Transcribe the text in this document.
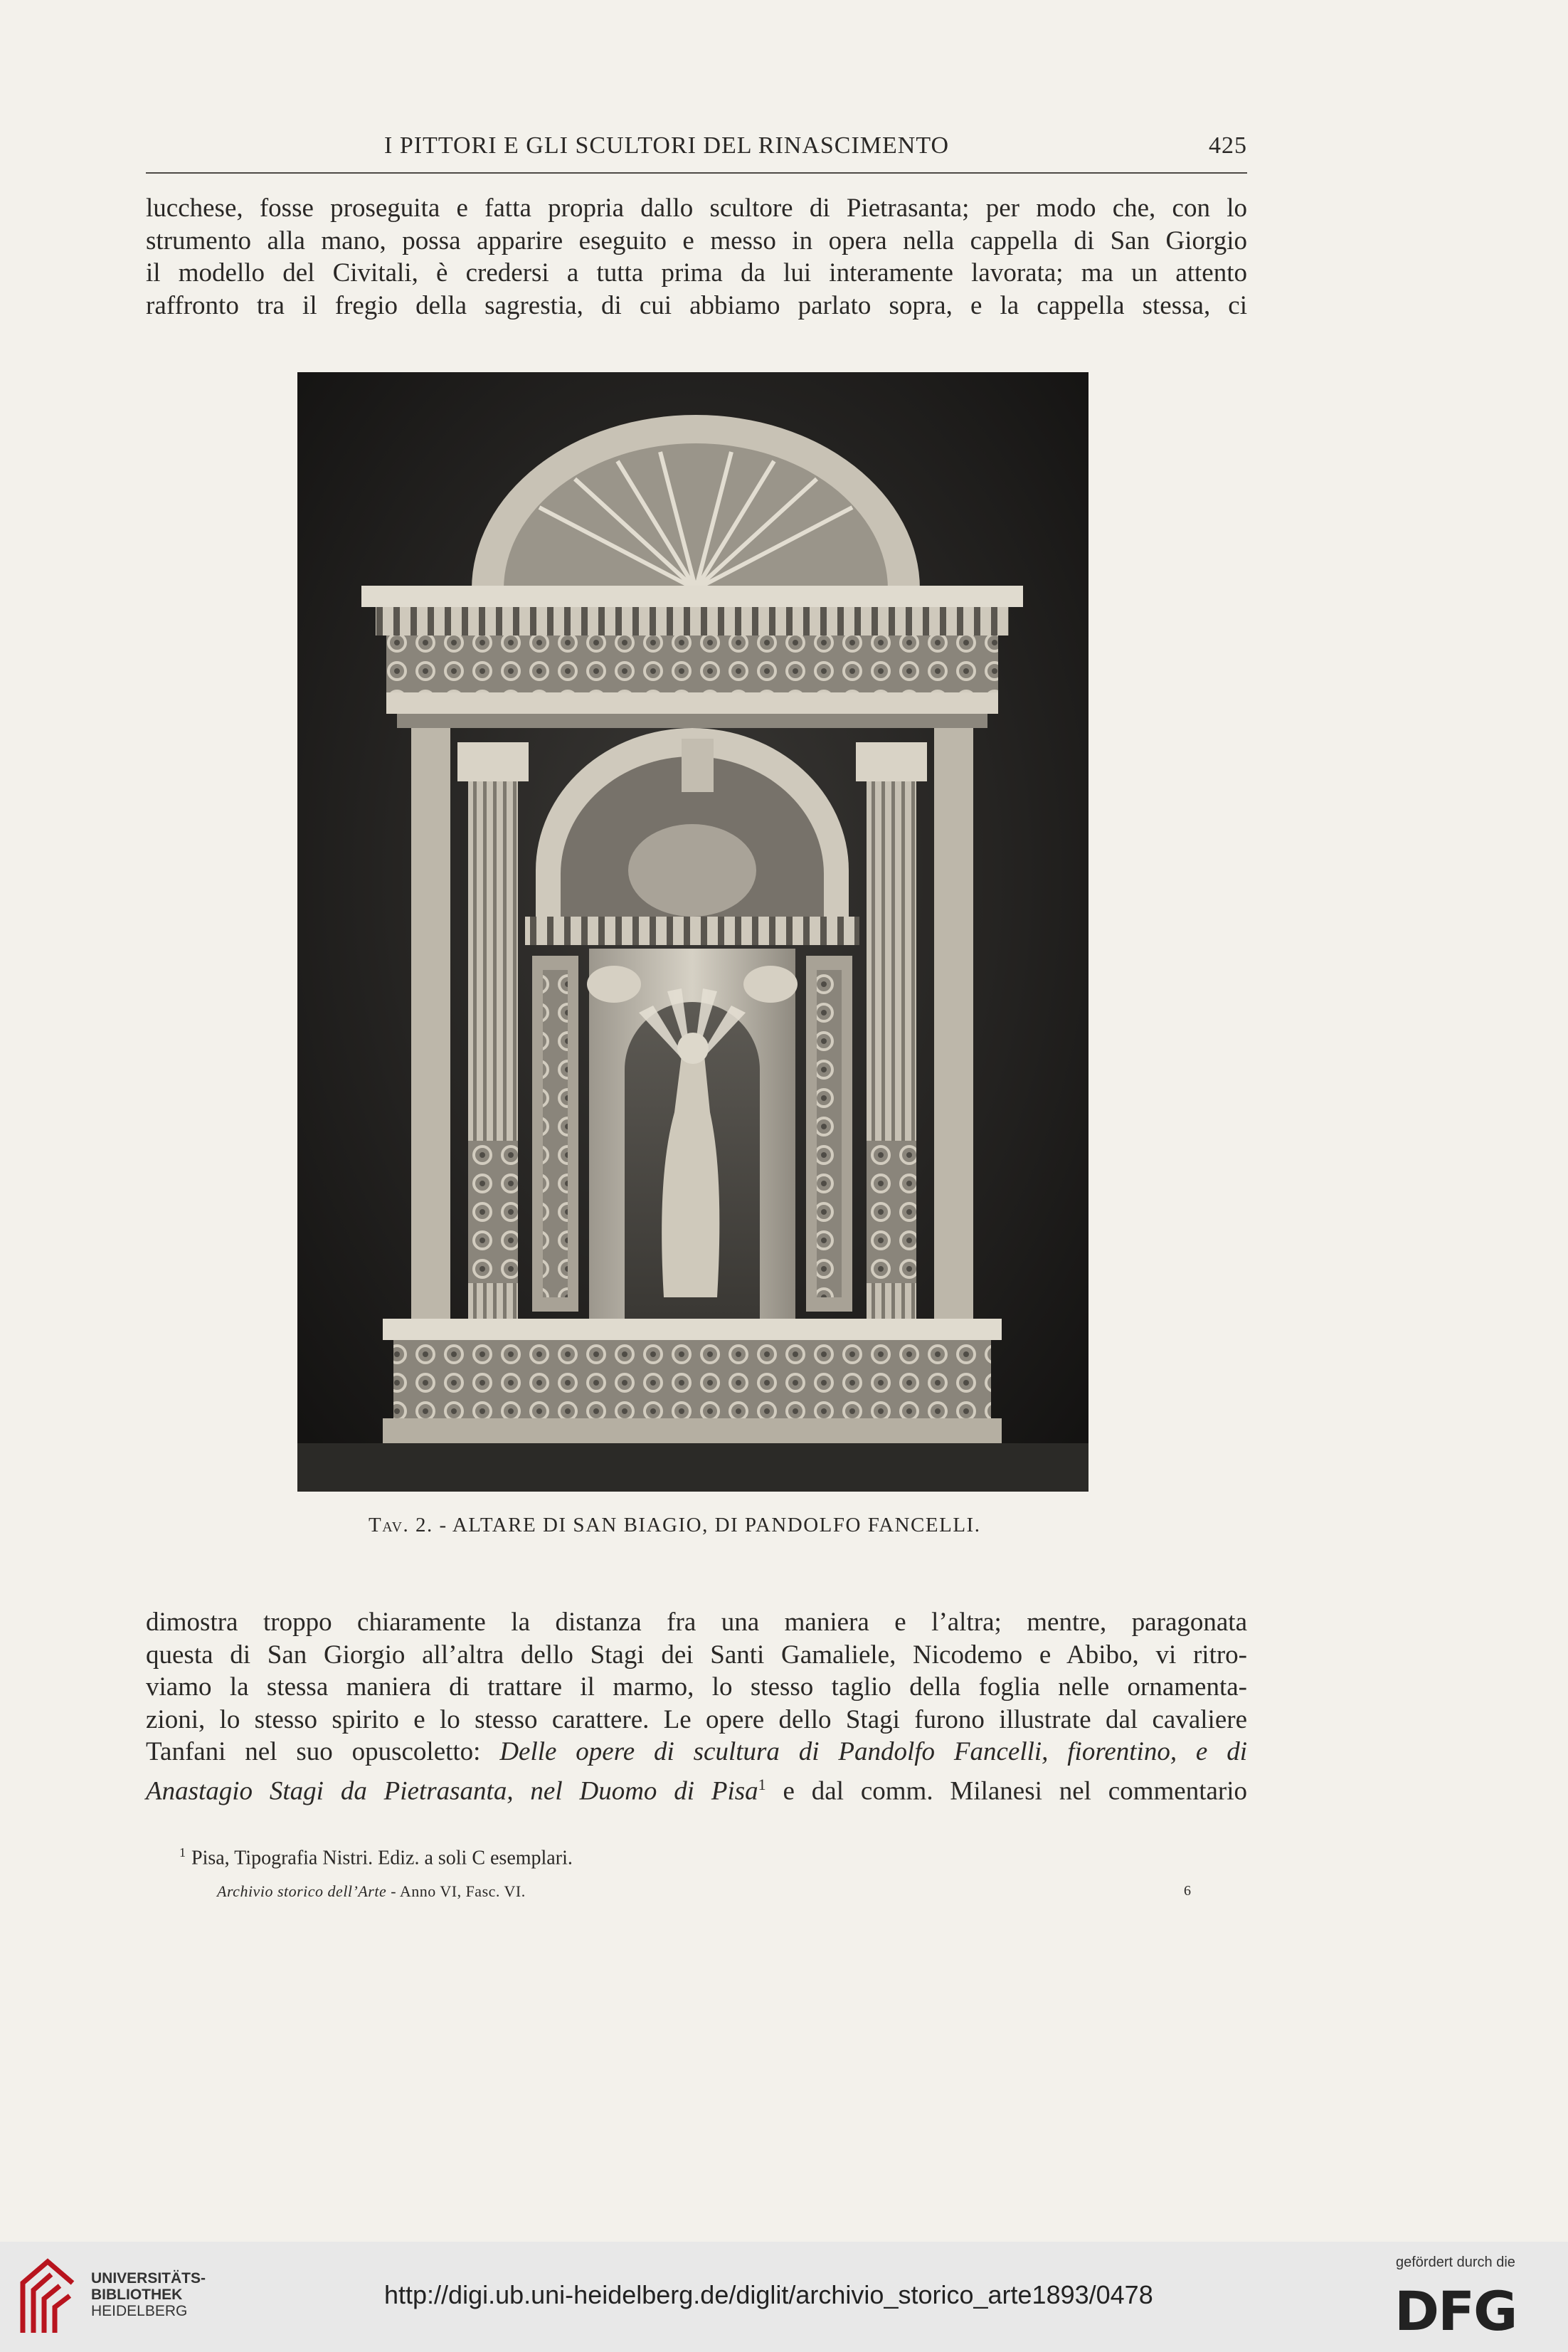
I PITTORI E GLI SCULTORI DEL RINASCIMENTO	425
lucchese, fosse proseguita e fatta propria dallo scultore di Pietrasanta; per modo che, con lo
strumento alla mano, possa apparire eseguito e messo in opera nella cappella di San Giorgio
il modello del Civitali, è credersi a tutta prima da lui interamente lavorata; ma un attento
raffronto tra il fregio della sagrestia, di cui abbiamo parlato sopra, e la cappella stessa, ci
Tav. 2. - ALTARE DI SAN BIAGIO, DI PANDOLFO FANCELLI.
dimostra troppo chiaramente la distanza fra una maniera e l’altra; mentre, paragonata
questa di San Giorgio all’altra dello Stagi dei Santi Gamaliele, Nicodemo e Abibo, vi ritro-
viamo la stessa maniera di trattare il marmo, lo stesso taglio della foglia nelle ornamenta-
zioni, lo stesso spirito e lo stesso carattere. Le opere dello Stagi furono illustrate dal cavaliere
Tanfani nel suo opuscoletto: Delle opere di scultura di Pandolfo Fancelli, fiorentino, e di
Anastagio Stagi da Pietrasanta, nel Duomo di Pisa$^1$ e dal comm. Milanesi nel commentario
$^1$ Pisa, Tipografia Nistri. Ediz. a soli C esemplari.
Archivio storico dell’Arte - Anno VI, Fasc. VI.	6
UNIVERSITÄTS-
BIBLIOTHEK
HEIDELBERG
http://digi.ub.uni-heidelberg.de/diglit/archivio_storico_arte1893/0478
gefördert durch die
DFG
